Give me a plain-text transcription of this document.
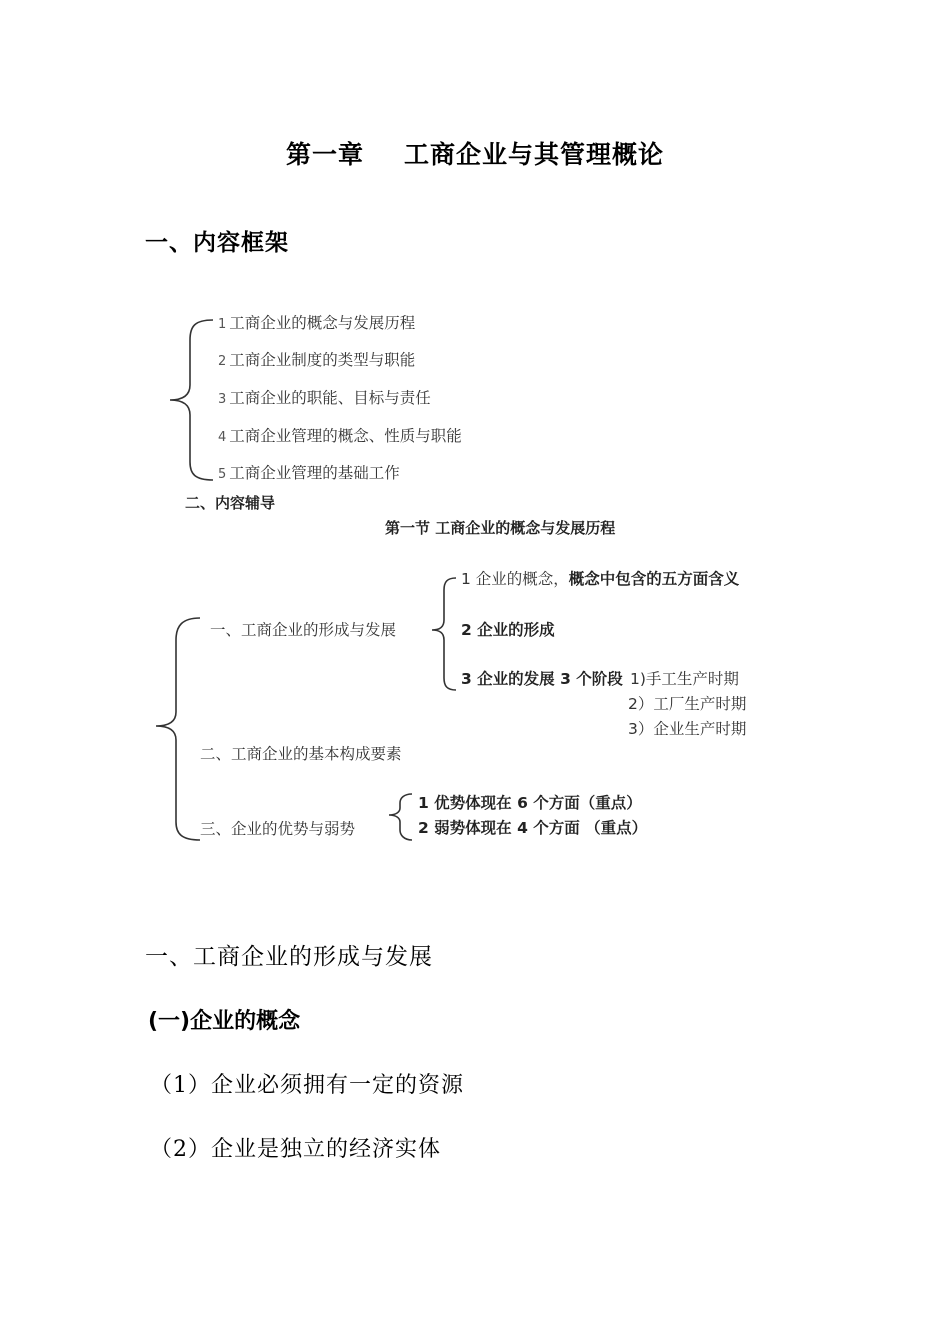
第一章 工商企业与其管理概论
一、内容框架
1 工商企业的概念与发展历程
2 工商企业制度的类型与职能
3 工商企业的职能、目标与责任
4 工商企业管理的概念、性质与职能
5 工商企业管理的基础工作
二、内容辅导
第一节 工商企业的概念与发展历程
一、工商企业的形成与发展
1 企业的概念，概念中包含的五方面含义
2 企业的形成
3 企业的发展 3 个阶段 1)手工生产时期
2）工厂生产时期
3）企业生产时期
二、工商企业的基本构成要素
三、企业的优势与弱势
1 优势体现在 6 个方面（重点）
2 弱势体现在 4 个方面 （重点）
一、工商企业的形成与发展
(一)企业的概念
（1）企业必须拥有一定的资源
（2）企业是独立的经济实体
